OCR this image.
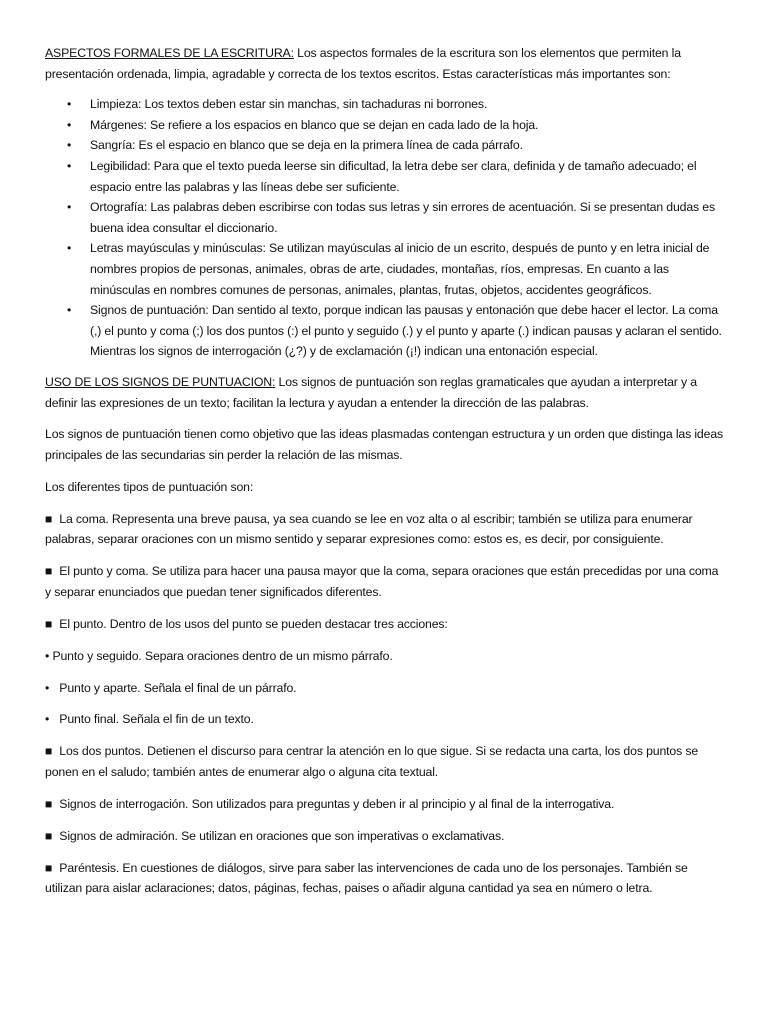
ASPECTOS FORMALES DE LA ESCRITURA: Los aspectos formales de la escritura son los elementos que permiten la presentación ordenada, limpia, agradable y correcta de los textos escritos. Estas características más importantes son:

• Limpieza: Los textos deben estar sin manchas, sin tachaduras ni borrones.
• Márgenes: Se refiere a los espacios en blanco que se dejan en cada lado de la hoja.
• Sangría: Es el espacio en blanco que se deja en la primera línea de cada párrafo.
• Legibilidad: Para que el texto pueda leerse sin dificultad, la letra debe ser clara, definida y de tamaño adecuado; el espacio entre las palabras y las líneas debe ser suficiente.
• Ortografía: Las palabras deben escribirse con todas sus letras y sin errores de acentuación. Si se presentan dudas es buena idea consultar el diccionario.
• Letras mayúsculas y minúsculas: Se utilizan mayúsculas al inicio de un escrito, después de punto y en letra inicial de nombres propios de personas, animales, obras de arte, ciudades, montañas, ríos, empresas. En cuanto a las minúsculas en nombres comunes de personas, animales, plantas, frutas, objetos, accidentes geográficos.
• Signos de puntuación: Dan sentido al texto, porque indican las pausas y entonación que debe hacer el lector. La coma (,) el punto y coma (;) los dos puntos (:) el punto y seguido (.) y el punto y aparte (.) indican pausas y aclaran el sentido. Mientras los signos de interrogación (¿?) y de exclamación (¡!) indican una entonación especial.

USO DE LOS SIGNOS DE PUNTUACION: Los signos de puntuación son reglas gramaticales que ayudan a interpretar y a definir las expresiones de un texto; facilitan la lectura y ayudan a entender la dirección de las palabras.

Los signos de puntuación tienen como objetivo que las ideas plasmadas contengan estructura y un orden que distinga las ideas principales de las secundarias sin perder la relación de las mismas.

Los diferentes tipos de puntuación son:

■ La coma. Representa una breve pausa, ya sea cuando se lee en voz alta o al escribir; también se utiliza para enumerar palabras, separar oraciones con un mismo sentido y separar expresiones como: estos es, es decir, por consiguiente.

■ El punto y coma. Se utiliza para hacer una pausa mayor que la coma, separa oraciones que están precedidas por una coma y separar enunciados que puedan tener significados diferentes.

■ El punto. Dentro de los usos del punto se pueden destacar tres acciones:

• Punto y seguido. Separa oraciones dentro de un mismo párrafo.

• Punto y aparte. Señala el final de un párrafo.

• Punto final. Señala el fin de un texto.

■ Los dos puntos. Detienen el discurso para centrar la atención en lo que sigue. Si se redacta una carta, los dos puntos se ponen en el saludo; también antes de enumerar algo o alguna cita textual.

■ Signos de interrogación. Son utilizados para preguntas y deben ir al principio y al final de la interrogativa.

■ Signos de admiración. Se utilizan en oraciones que son imperativas o exclamativas.

■ Paréntesis. En cuestiones de diálogos, sirve para saber las intervenciones de cada uno de los personajes. También se utilizan para aislar aclaraciones; datos, páginas, fechas, paises o añadir alguna cantidad ya sea en número o letra.
